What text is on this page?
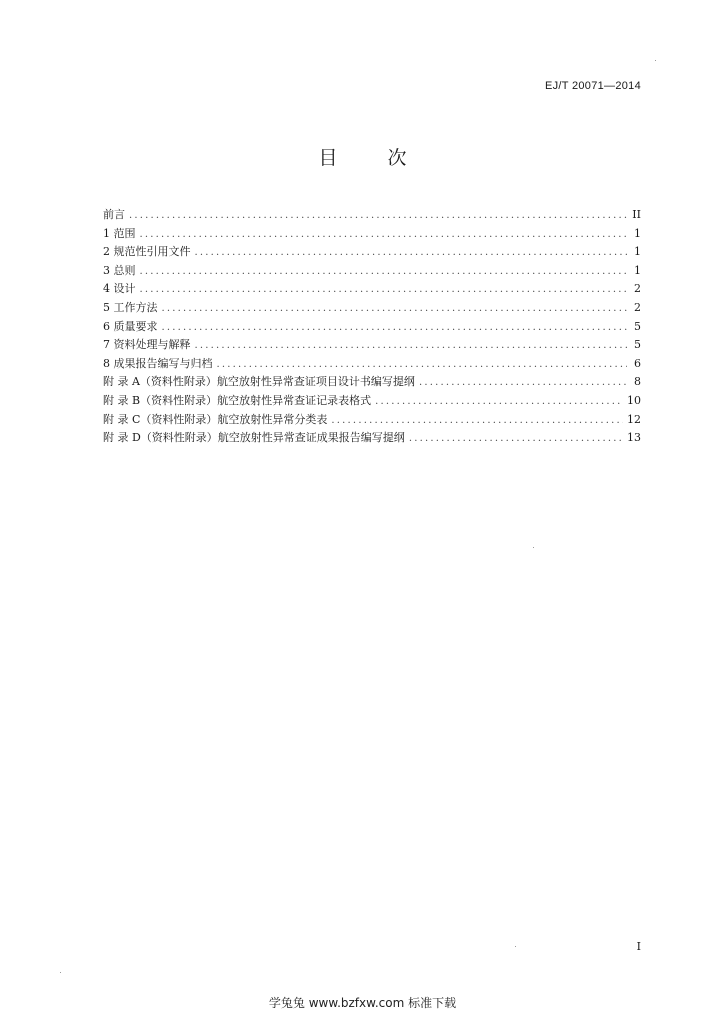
EJ/T 20071—2014
目 次
前言 .....	II
1 范围 .....	1
2 规范性引用文件 .....	1
3 总则 .....	1
4 设计 .....	2
5 工作方法 .....	2
6 质量要求 .....	5
7 资料处理与解释 .....	5
8 成果报告编写与归档 .....	6
附 录 A（资料性附录）航空放射性异常查证项目设计书编写提纲 .....	8
附 录 B（资料性附录）航空放射性异常查证记录表格式 .....	10
附 录 C（资料性附录）航空放射性异常分类表 .....	12
附 录 D（资料性附录）航空放射性异常查证成果报告编写提纲 .....	13
I
学兔兔 www.bzfxw.com 标准下载
